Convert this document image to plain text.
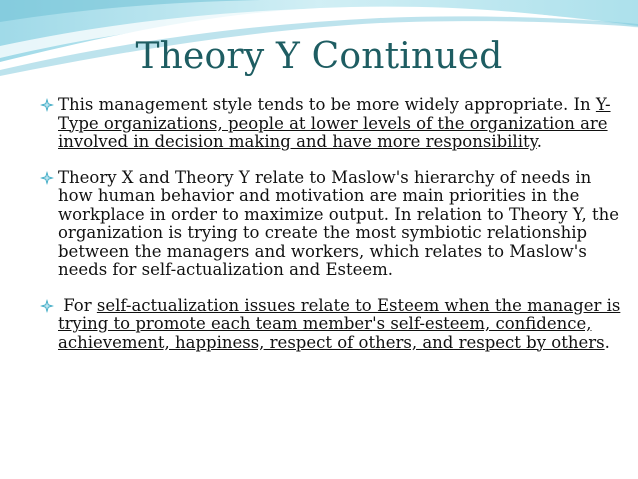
Theory Y Continued
This management style tends to be more widely appropriate. In Y-Type organizations, people at lower levels of the organization are involved in decision making and have more responsibility.
Theory X and Theory Y relate to Maslow's hierarchy of needs in how human behavior and motivation are main priorities in the workplace in order to maximize output. In relation to Theory Y, the organization is trying to create the most symbiotic relationship between the managers and workers, which relates to Maslow's needs for self-actualization and Esteem.
For self-actualization issues relate to Esteem when the manager is trying to promote each team member's self-esteem, confidence, achievement, happiness, respect of others, and respect by others.
